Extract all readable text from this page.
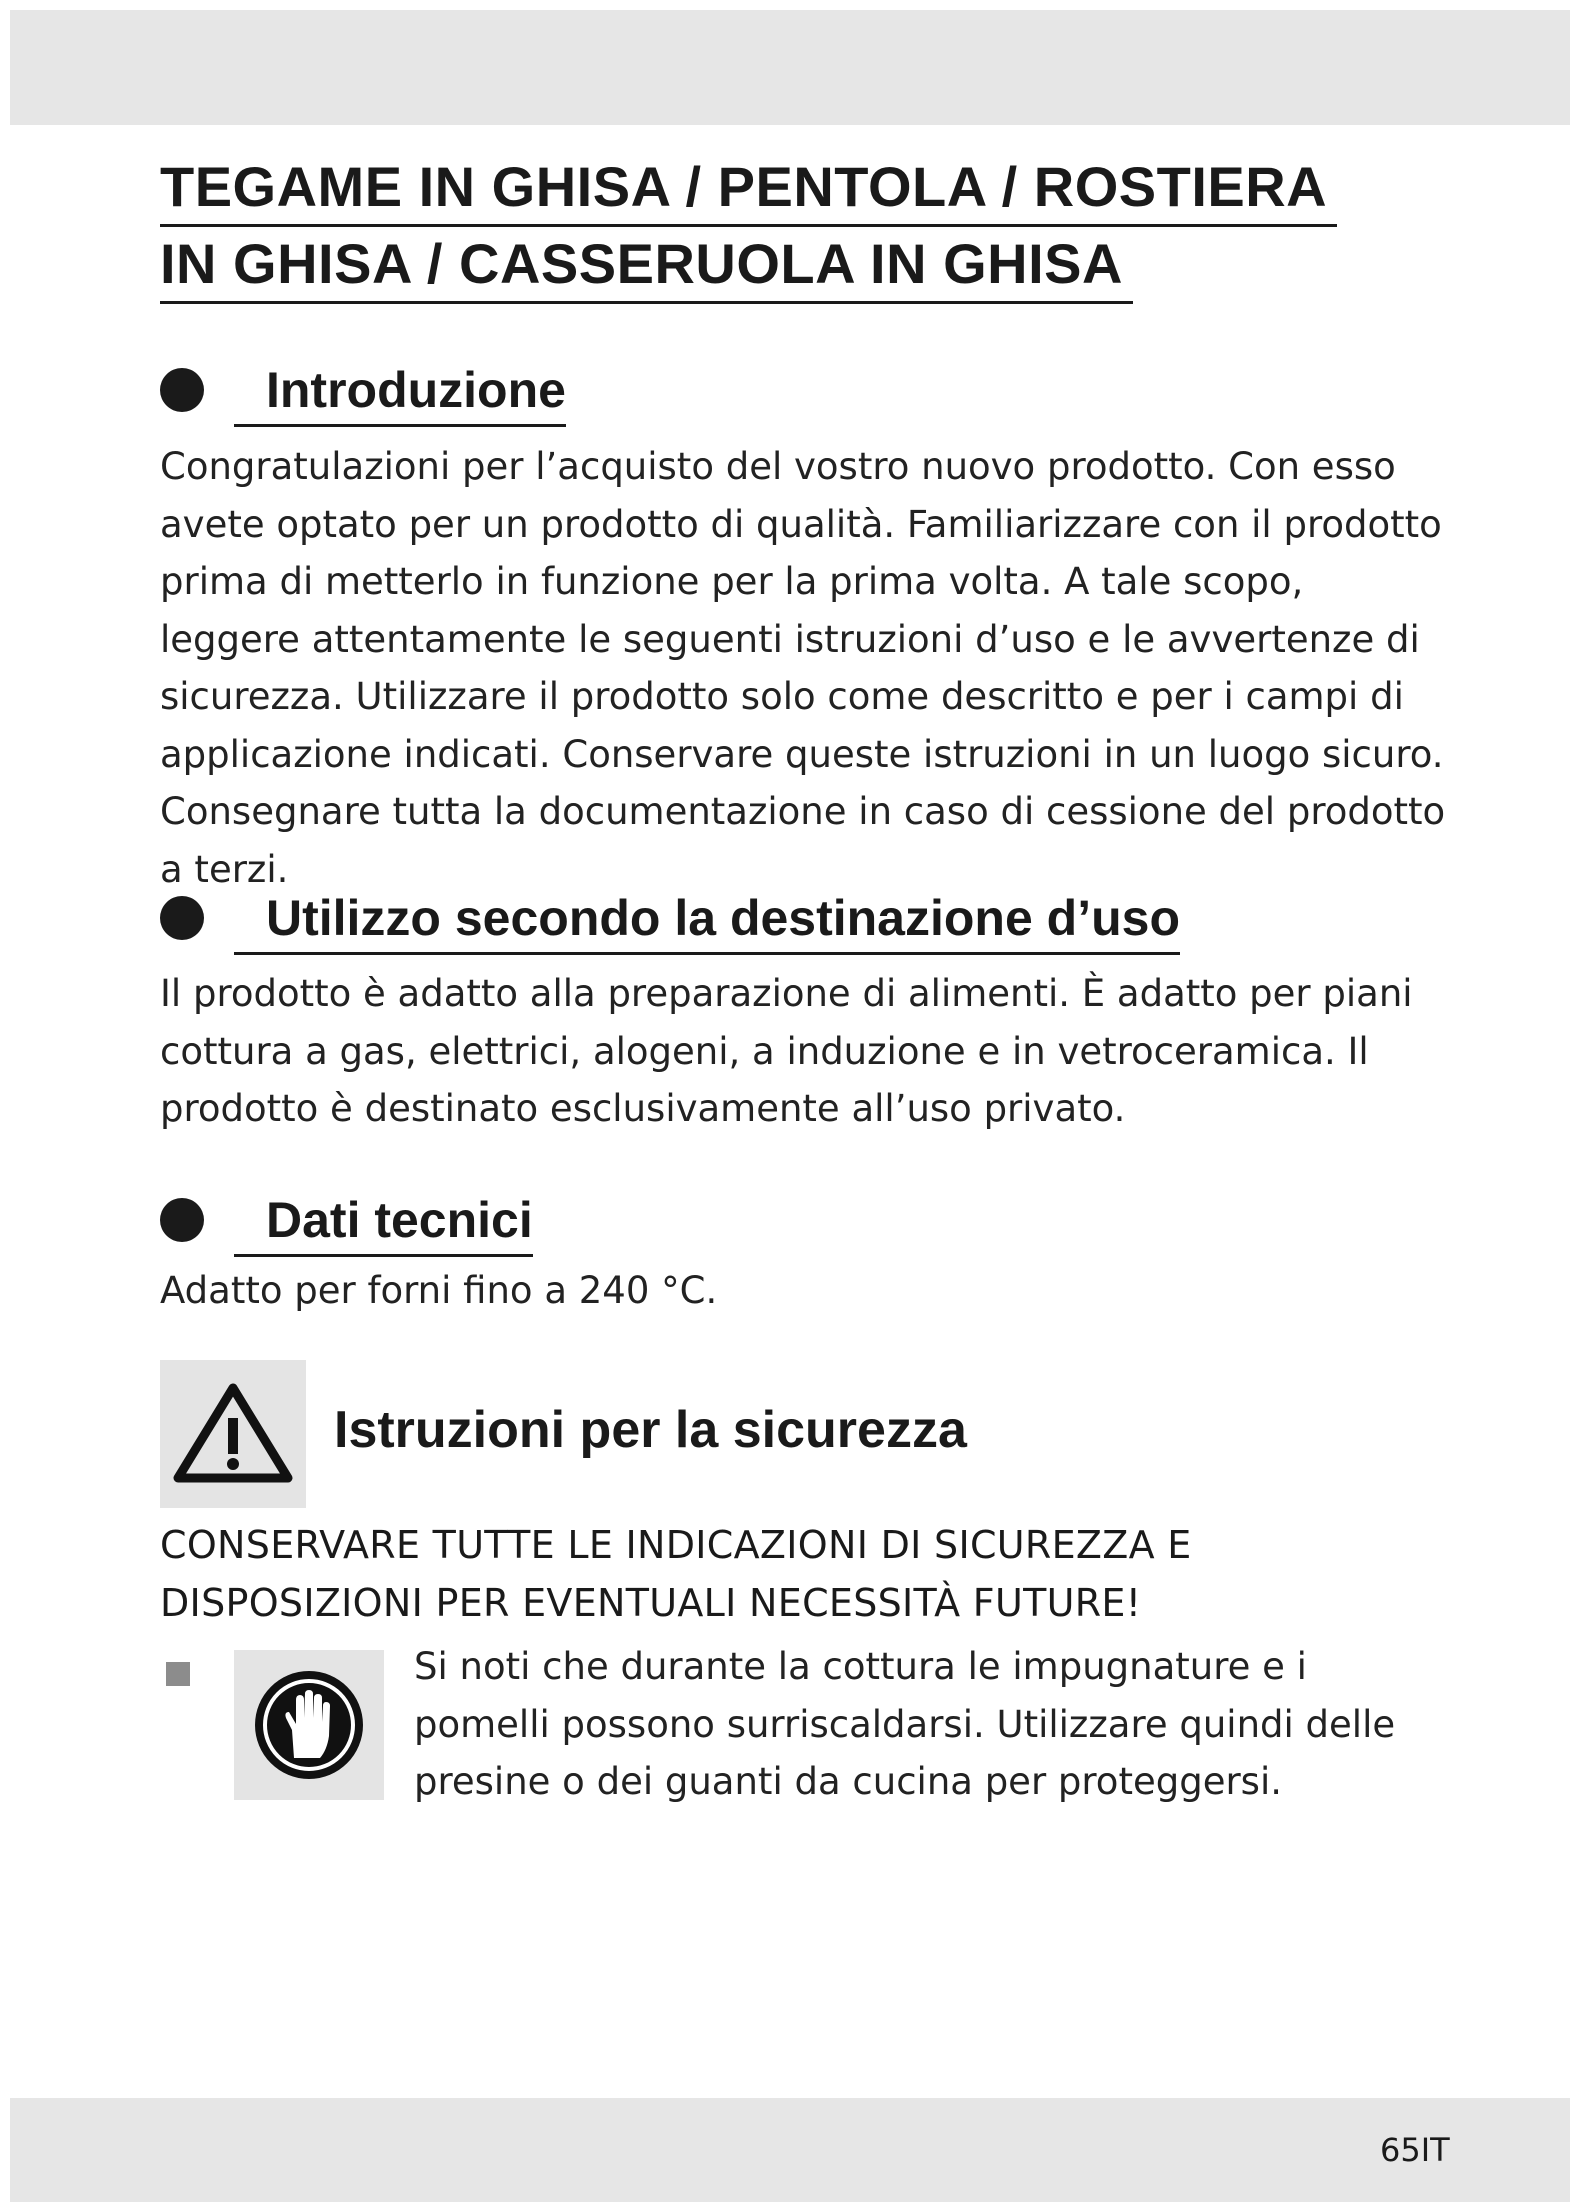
TEGAME IN GHISA / PENTOLA / ROSTIERA
IN GHISA / CASSERUOLA IN GHISA
Introduzione

Congratulazioni per l’acquisto del vostro nuovo prodotto. Con esso avete optato per un prodotto di qualità. Familiarizzare con il prodotto prima di metterlo in funzione per la prima volta. A tale scopo, leggere attentamente le seguenti istruzioni d’uso e le avvertenze di sicurezza. Utilizzare il prodotto solo come descritto e per i campi di applicazione indicati. Conservare queste istruzioni in un luogo sicuro. Consegnare tutta la documentazione in caso di cessione del prodotto a terzi.

Utilizzo secondo la destinazione d’uso

Il prodotto è adatto alla preparazione di alimenti. È adatto per piani cottura a gas, elettrici, alogeni, a induzione e in vetroceramica. Il prodotto è destinato esclusivamente all’uso privato.

Dati tecnici

Adatto per forni fino a 240 °C.

Istruzioni per la sicurezza

CONSERVARE TUTTE LE INDICAZIONI DI SICUREZZA E DISPOSIZIONI PER EVENTUALI NECESSITÀ FUTURE!

Si noti che durante la cottura le impugnature e i pomelli possono surriscaldarsi. Utilizzare quindi delle presine o dei guanti da cucina per proteggersi.

65IT
